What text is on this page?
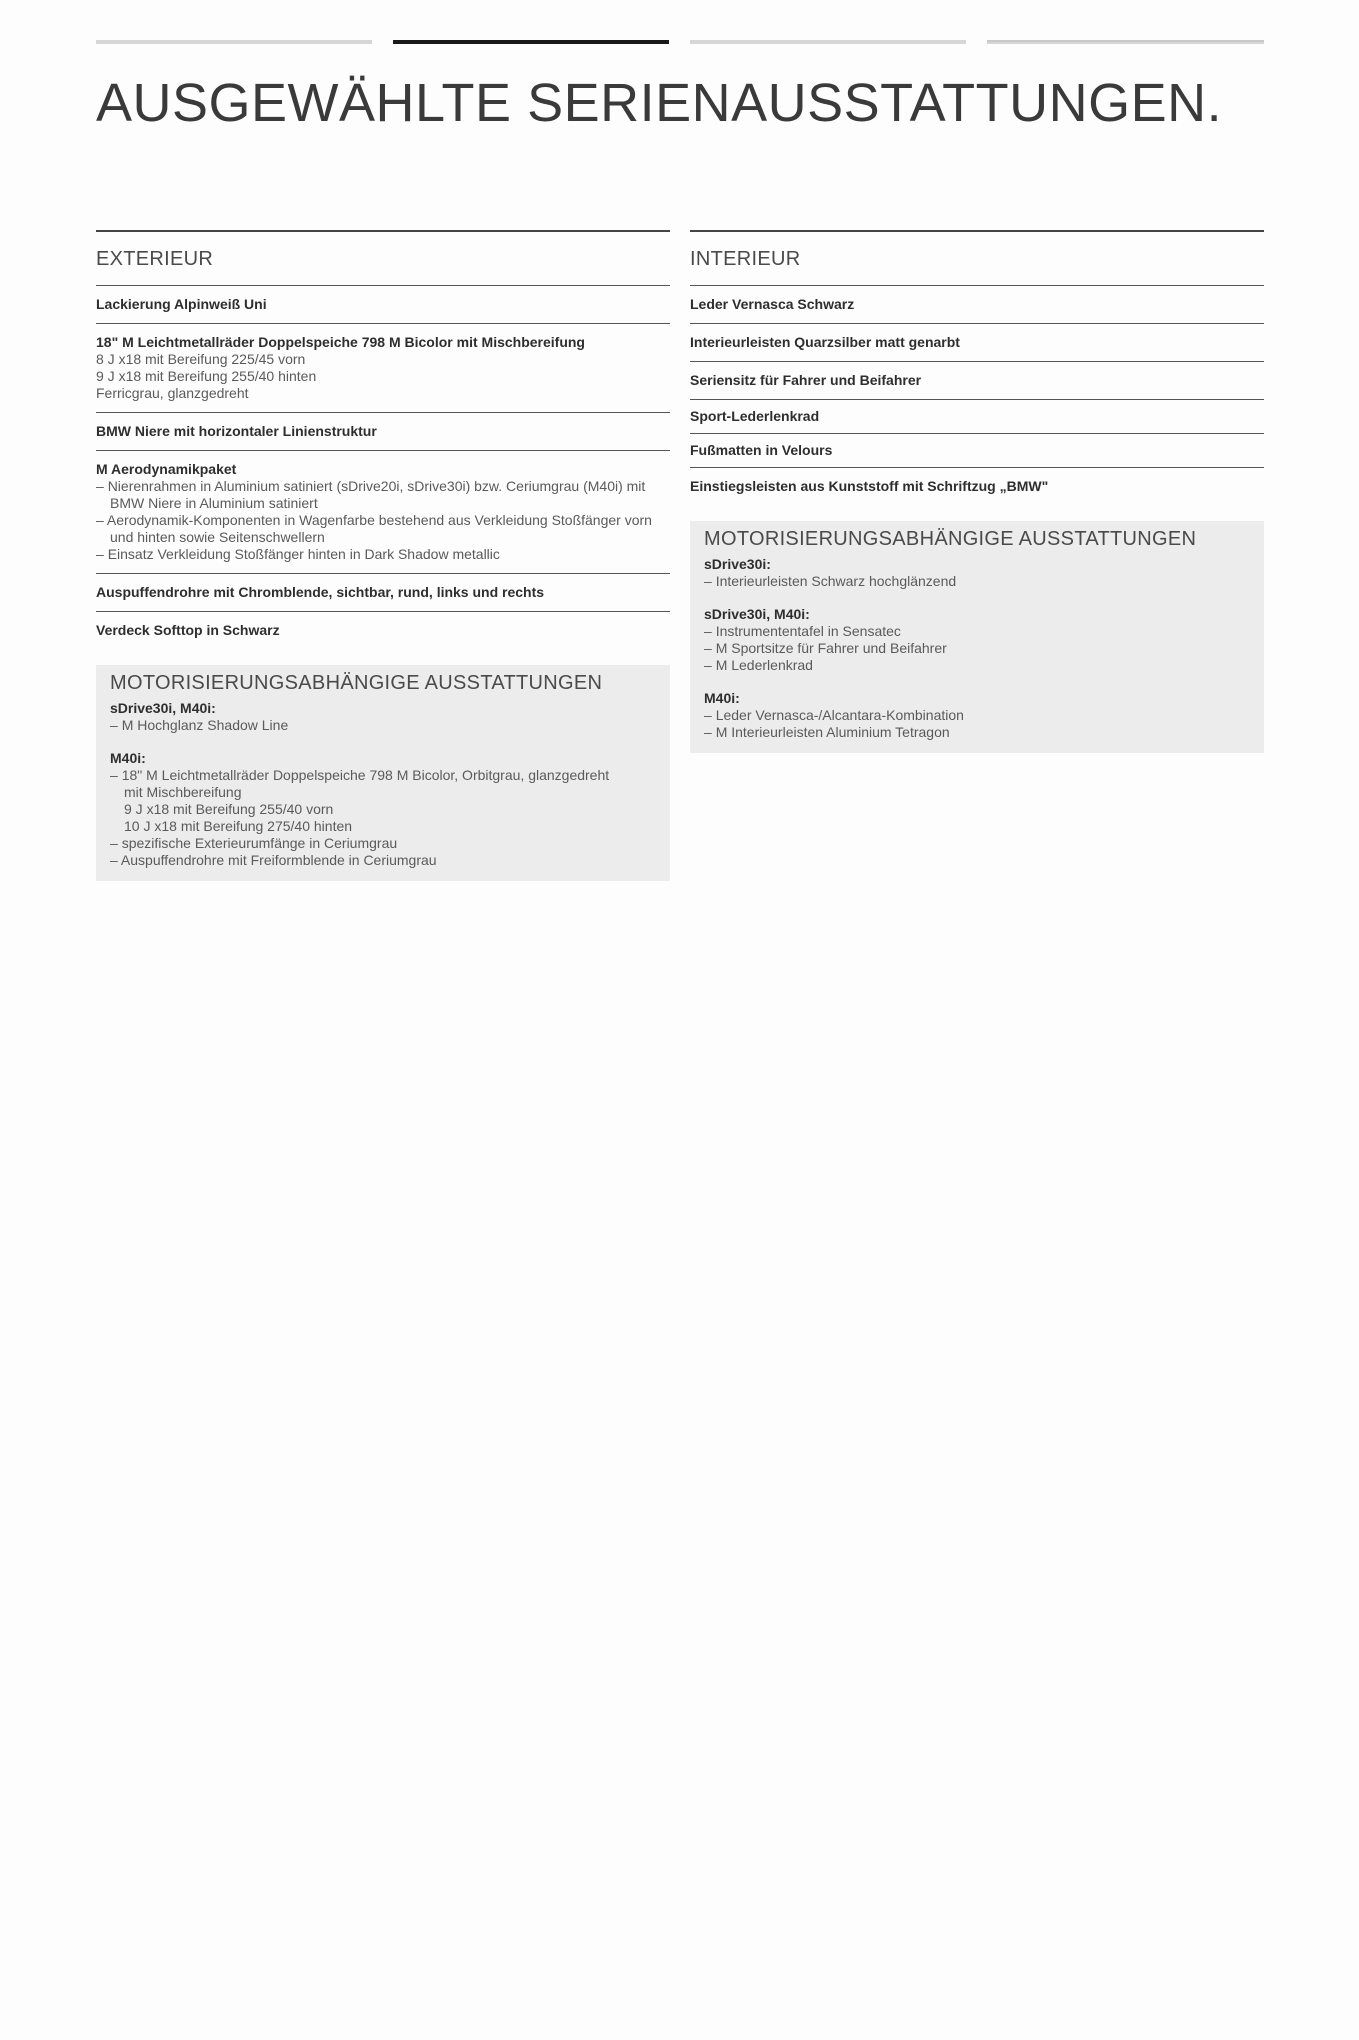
AUSGEWÄHLTE SERIENAUSSTATTUNGEN.
EXTERIEUR
Lackierung Alpinweiß Uni
18" M Leichtmetallräder Doppelspeiche 798 M Bicolor mit Mischbereifung
8 J x18 mit Bereifung 225/45 vorn
9 J x18 mit Bereifung 255/40 hinten
Ferricgrau, glanzgedreht
BMW Niere mit horizontaler Linienstruktur
M Aerodynamikpaket
– Nierenrahmen in Aluminium satiniert (sDrive20i, sDrive30i) bzw. Ceriumgrau (M40i) mit BMW Niere in Aluminium satiniert
– Aerodynamik-Komponenten in Wagenfarbe bestehend aus Verkleidung Stoßfänger vorn und hinten sowie Seitenschwellern
– Einsatz Verkleidung Stoßfänger hinten in Dark Shadow metallic
Auspuffendrohre mit Chromblende, sichtbar, rund, links und rechts
Verdeck Softtop in Schwarz
MOTORISIERUNGSABHÄNGIGE AUSSTATTUNGEN
sDrive30i, M40i:
– M Hochglanz Shadow Line
M40i:
– 18" M Leichtmetallräder Doppelspeiche 798 M Bicolor, Orbitgrau, glanzgedreht
mit Mischbereifung
9 J x18 mit Bereifung 255/40 vorn
10 J x18 mit Bereifung 275/40 hinten
– spezifische Exterieurumfänge in Ceriumgrau
– Auspuffendrohre mit Freiformblende in Ceriumgrau
INTERIEUR
Leder Vernasca Schwarz
Interieurleisten Quarzsilber matt genarbt
Seriensitz für Fahrer und Beifahrer
Sport-Lederlenkrad
Fußmatten in Velours
Einstiegsleisten aus Kunststoff mit Schriftzug „BMW"
MOTORISIERUNGSABHÄNGIGE AUSSTATTUNGEN
sDrive30i:
– Interieurleisten Schwarz hochglänzend
sDrive30i, M40i:
– Instrumententafel in Sensatec
– M Sportsitze für Fahrer und Beifahrer
– M Lederlenkrad
M40i:
– Leder Vernasca-/Alcantara-Kombination
– M Interieurleisten Aluminium Tetragon
